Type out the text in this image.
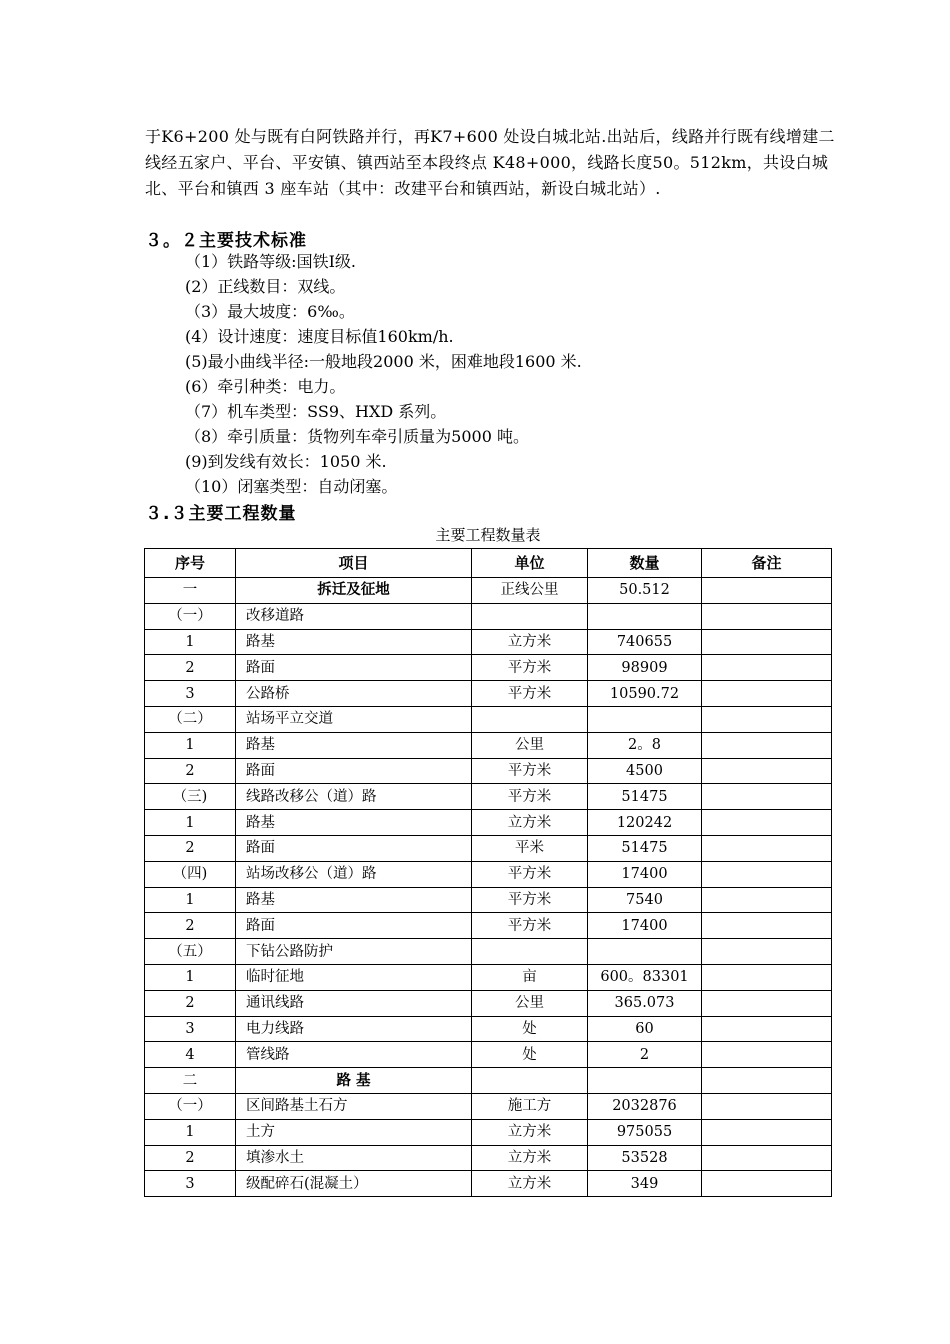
于K6+200 处与既有白阿铁路并行，再K7+600 处设白城北站.出站后，线路并行既有线增建二线经五家户、平台、平安镇、镇西站至本段终点 K48+000，线路长度50。512km，共设白城北、平台和镇西 3 座车站（其中：改建平台和镇西站，新设白城北站）.
３。２主要技术标准
（1）铁路等级:国铁Ⅰ级.
(2）正线数目：双线。
（3）最大坡度：6‰。
(4）设计速度：速度目标值160km/h.
(5)最小曲线半径:一般地段2000 米，困难地段1600 米.
(6）牵引种类：电力。
（7）机车类型：SS9、HXD 系列。
（8）牵引质量：货物列车牵引质量为5000 吨。
(9)到发线有效长：1050 米.
（10）闭塞类型：自动闭塞。
３.３主要工程数量
主要工程数量表
序号	项目	单位	数量	备注
一	拆迁及征地	正线公里	50.512	
（一）	改移道路			
1	路基	立方米	740655	
2	路面	平方米	98909	
3	公路桥	平方米	10590.72	
（二）	站场平立交道			
1	路基	公里	2。8	
2	路面	平方米	4500	
（三)	线路改移公（道）路	平方米	51475	
1	路基	立方米	120242	
2	路面	平米	51475	
（四)	站场改移公（道）路	平方米	17400	
1	路基	平方米	7540	
2	路面	平方米	17400	
（五）	下钻公路防护			
1	临时征地	亩	600。83301	
2	通讯线路	公里	365.073	
3	电力线路	处	60	
4	管线路	处	2	
二	路 基			
（一）	区间路基土石方	施工方	2032876	
1	土方	立方米	975055	
2	填渗水土	立方米	53528	
3	级配碎石(混凝土）	立方米	349	
